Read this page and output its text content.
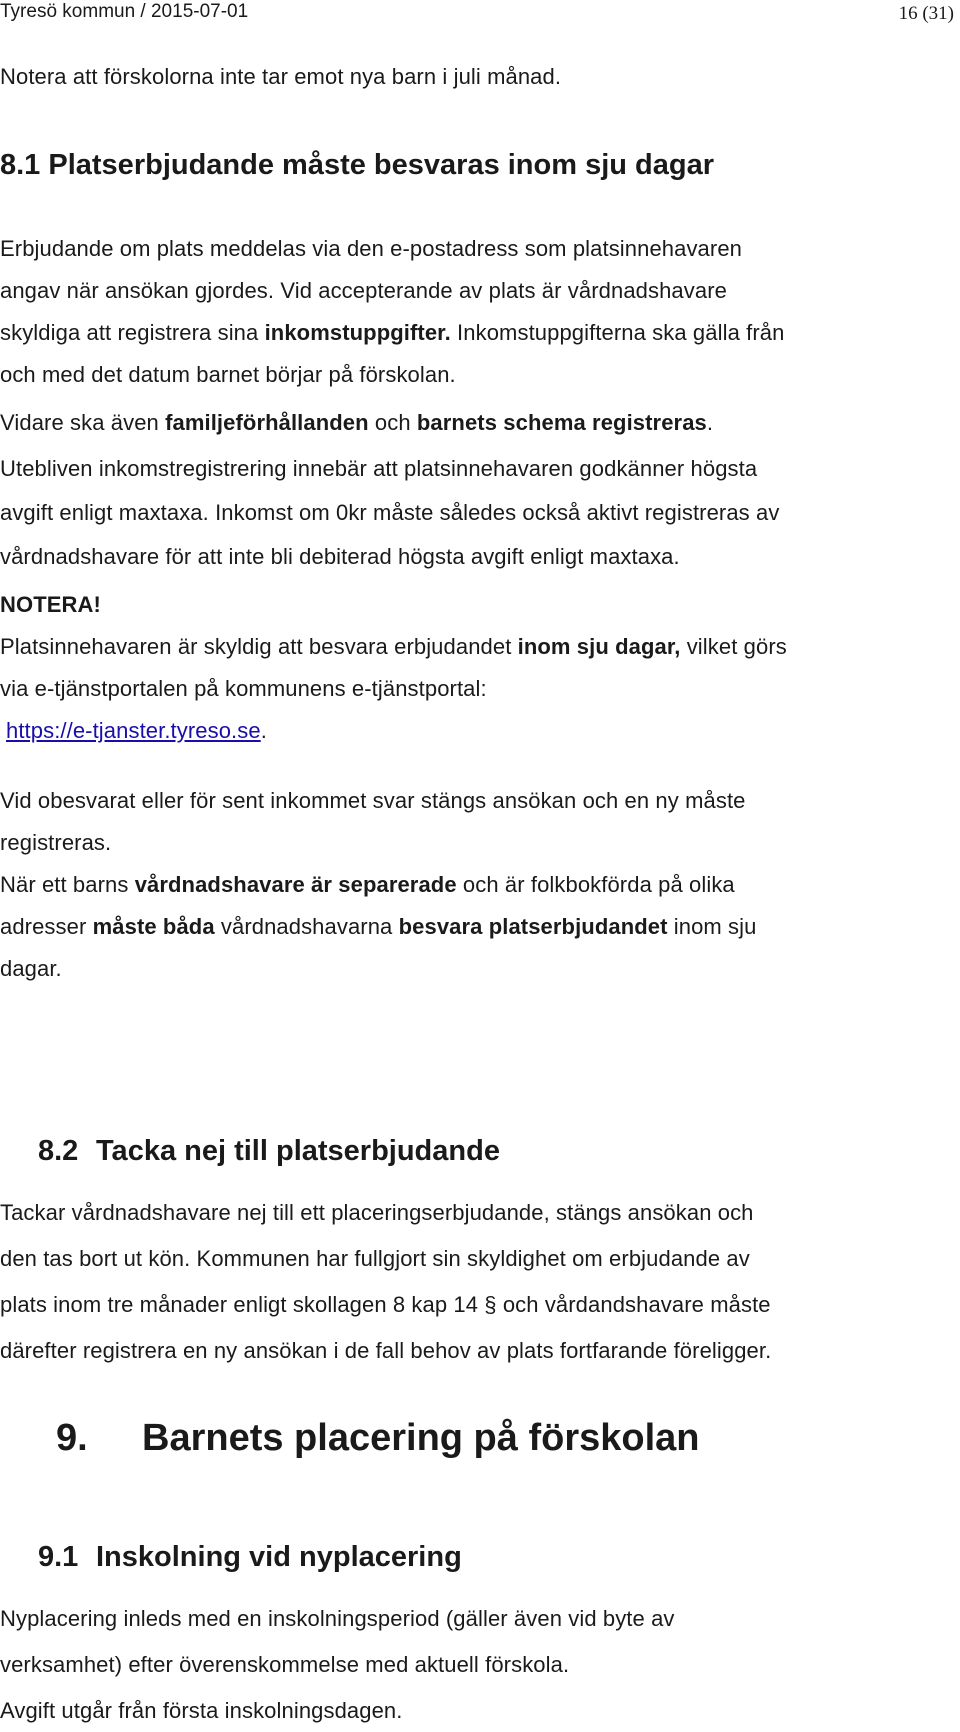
Tyresö kommun / 2015-07-01	16 (31)
Notera att förskolorna inte tar emot nya barn i juli månad.
8.1 Platserbjudande måste besvaras inom sju dagar
Erbjudande om plats meddelas via den e-postadress som platsinnehavaren
angav när ansökan gjordes. Vid accepterande av plats är vårdnadshavare
skyldiga att registrera sina inkomstuppgifter. Inkomstuppgifterna ska gälla från
och med det datum barnet börjar på förskolan.
Vidare ska även familjeförhållanden och barnets schema registreras.
Utebliven inkomstregistrering innebär att platsinnehavaren godkänner högsta
avgift enligt maxtaxa. Inkomst om 0kr måste således också aktivt registreras av
vårdnadshavare för att inte bli debiterad högsta avgift enligt maxtaxa.
NOTERA!
Platsinnehavaren är skyldig att besvara erbjudandet inom sju dagar, vilket görs
via e-tjänstportalen på kommunens e-tjänstportal:
https://e-tjanster.tyreso.se.
Vid obesvarat eller för sent inkommet svar stängs ansökan och en ny måste
registreras.
När ett barns vårdnadshavare är separerade och är folkbokförda på olika
adresser måste båda vårdnadshavarna besvara platserbjudandet inom sju
dagar.
8.2 Tacka nej till platserbjudande
Tackar vårdnadshavare nej till ett placeringserbjudande, stängs ansökan och
den tas bort ut kön. Kommunen har fullgjort sin skyldighet om erbjudande av
plats inom tre månader enligt skollagen 8 kap 14 § och vårdandshavare måste
därefter registrera en ny ansökan i de fall behov av plats fortfarande föreligger.
9. Barnets placering på förskolan
9.1 Inskolning vid nyplacering
Nyplacering inleds med en inskolningsperiod (gäller även vid byte av
verksamhet) efter överenskommelse med aktuell förskola.
Avgift utgår från första inskolningsdagen.
